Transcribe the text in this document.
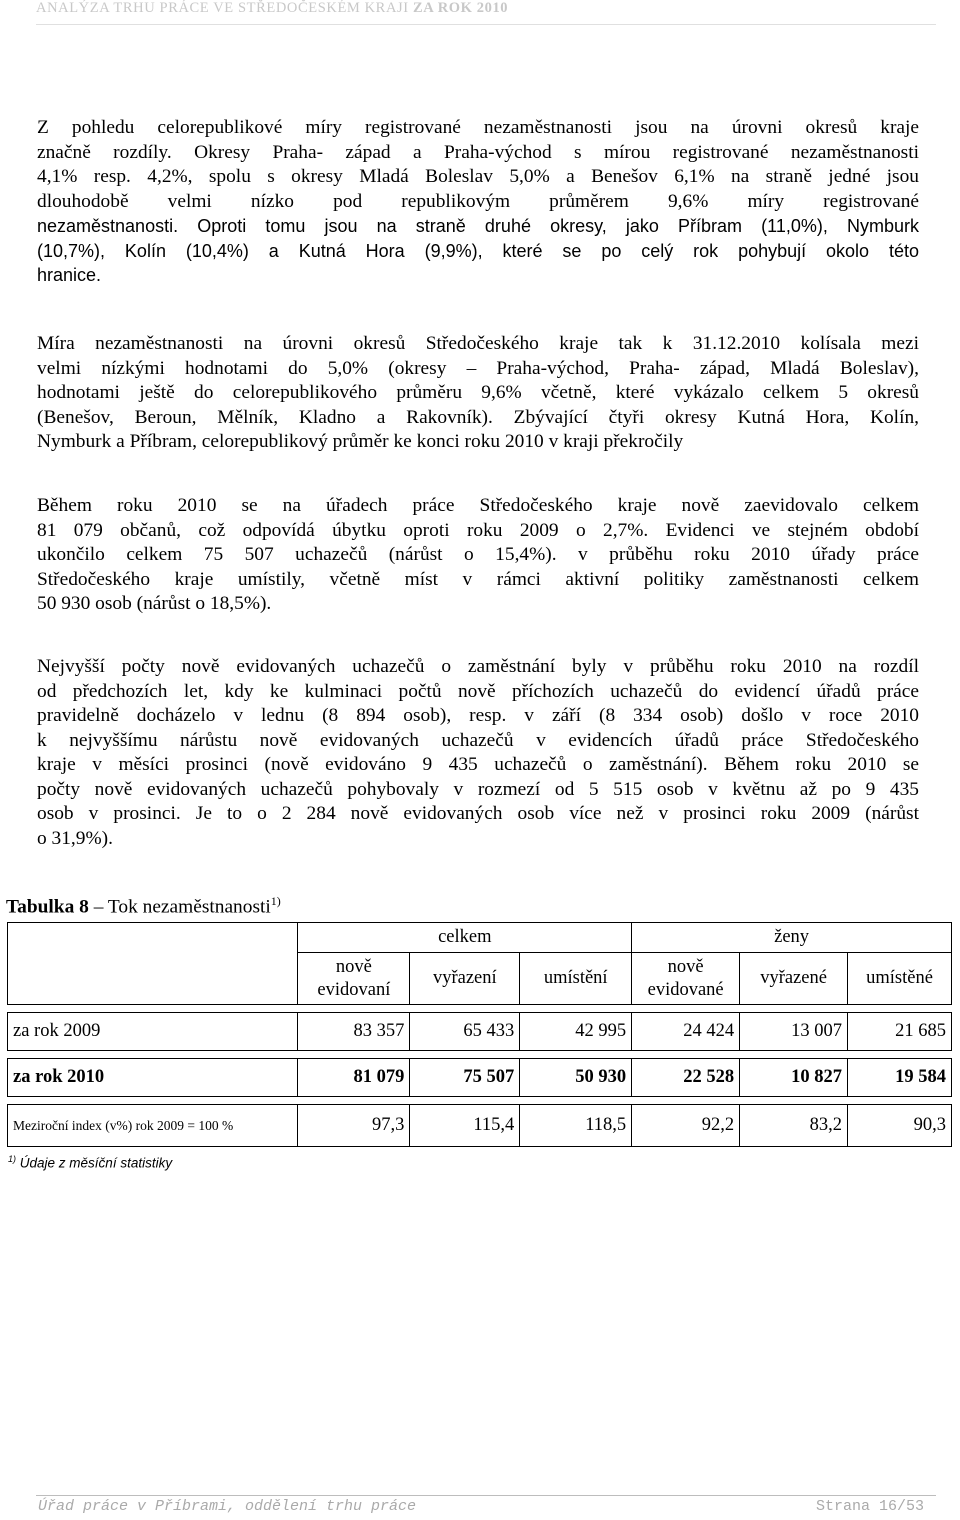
ANALÝZA TRHU PRÁCE VE STŘEDOČESKÉM KRAJI ZA ROK 2010
Z pohledu celorepublikové míry registrované nezaměstnanosti jsou na úrovni okresů kraje
značně rozdíly. Okresy Praha- západ a Praha-východ s mírou registrované nezaměstnanosti
4,1% resp. 4,2%, spolu s okresy Mladá Boleslav 5,0% a Benešov 6,1% na straně jedné jsou
dlouhodobě velmi nízko pod republikovým průměrem 9,6% míry registrované
nezaměstnanosti. Oproti tomu jsou na straně druhé okresy, jako Příbram (11,0%), Nymburk
(10,7%), Kolín (10,4%) a Kutná Hora (9,9%), které se po celý rok pohybují okolo této
hranice.
Míra nezaměstnanosti na úrovni okresů Středočeského kraje tak k 31.12.2010 kolísala mezi
velmi nízkými hodnotami do 5,0% (okresy – Praha-východ, Praha- západ, Mladá Boleslav),
hodnotami ještě do celorepublikového průměru 9,6% včetně, které vykázalo celkem 5 okresů
(Benešov, Beroun, Mělník, Kladno a Rakovník). Zbývající čtyři okresy Kutná Hora, Kolín,
Nymburk a Příbram, celorepublikový průměr ke konci roku 2010 v kraji překročily
Během roku 2010 se na úřadech práce Středočeského kraje nově zaevidovalo celkem
81 079 občanů, což odpovídá úbytku oproti roku 2009 o 2,7%. Evidenci ve stejném období
ukončilo celkem 75 507 uchazečů (nárůst o 15,4%). v průběhu roku 2010 úřady práce
Středočeského kraje umístily, včetně míst v rámci aktivní politiky zaměstnanosti celkem
50 930 osob (nárůst o 18,5%).
Nejvyšší počty nově evidovaných uchazečů o zaměstnání byly v průběhu roku 2010 na rozdíl
od předchozích let, kdy ke kulminaci počtů nově příchozích uchazečů do evidencí úřadů práce
pravidelně docházelo v lednu (8 894 osob), resp. v září (8 334 osob) došlo v roce 2010
k nejvyššímu nárůstu nově evidovaných uchazečů v evidencích úřadů práce Středočeského
kraje v měsíci prosinci (nově evidováno 9 435 uchazečů o zaměstnání). Během roku 2010 se
počty nově evidovaných uchazečů pohybovaly v rozmezí od 5 515 osob v květnu až po 9 435
osob v prosinci. Je to o 2 284 nově evidovaných osob více než v prosinci roku 2009 (nárůst
o 31,9%).
Tabulka 8 – Tok nezaměstnanosti$^{1)}$
	celkem			ženy		
	nově evidovaní	vyřazení	umístění	nově evidované	vyřazené	umístěné

za rok 2009	83 357	65 433	42 995	24 424	13 007	21 685

za rok 2010	81 079	75 507	50 930	22 528	10 827	19 584

Meziroční index (v%) rok 2009 = 100 %	97,3	115,4	118,5	92,2	83,2	90,3
$^{1)}$ Údaje z měsíční statistiky
Úřad práce v Příbrami, oddělení trhu práce	Strana 16/53
